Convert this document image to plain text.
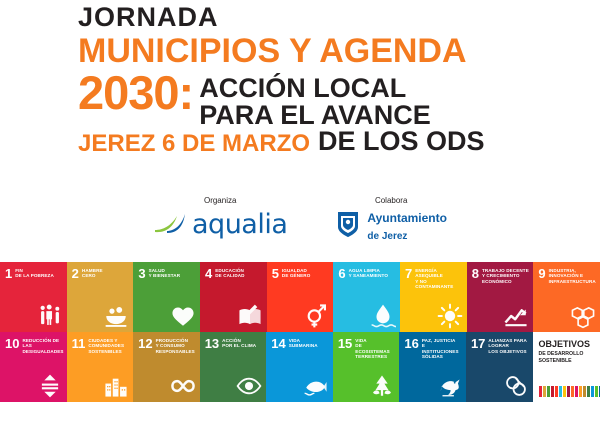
JORNADA
MUNICIPIOS Y AGENDA
2030: ACCIÓN LOCAL
PARA EL AVANCE
JEREZ 6 DE MARZO DE LOS ODS
Organiza
aqualia
Colabora
Ayuntamiento
de Jerez
1 FIN
DE LA POBREZA 2 HAMBRE
CERO	3 SALUD
Y BIENESTAR 4 EDUCACIÓN
DE CALIDAD 5 IGUALDAD
DE GÉNERO 6 AGUA LIMPIA
Y SANEAMIENTO 7 ENERGÍA ASEQUIBLE
Y NO CONTAMINANTE
8 TRABAJO DECENTE
Y CRECIMIENTO
ECONÓMICO
9 INDUSTRIA,
INNOVACIÓN E
INFRAESTRUCTURA
10 REDUCCIÓN DE LAS
DESIGUALDADES
11 CIUDADES Y
COMUNIDADES
SOSTENIBLES
12 PRODUCCIÓN
Y CONSUMO
RESPONSABLES
13 ACCIÓN
POR EL CLIMA 14 VIDA
SUBMARINA 15 VIDA
DE ECOSISTEMAS
TERRESTRES
16 PAZ, JUSTICIA
E INSTITUCIONES
SÓLIDAS
17 ALIANZAS PARA
LOGRAR
LOS OBJETIVOS
OBJETIVOS
DE DESARROLLO
SOSTENIBLE
